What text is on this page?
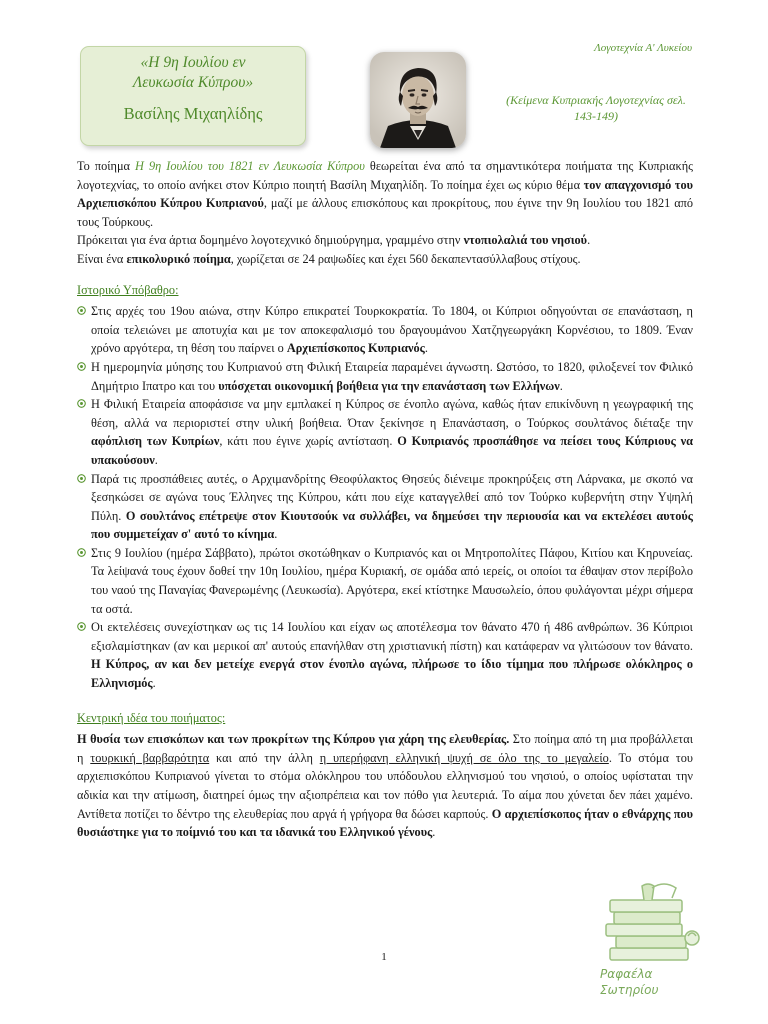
«Η 9η Ιουλίου εν
Λευκωσία Κύπρου»
Βασίλης Μιχαηλίδης
Λογοτεχνία Α' Λυκείου
(Κείμενα Κυπριακής Λογοτεχνίας σελ. 143-149)

Το ποίημα Η 9η Ιουλίου του 1821 εν Λευκωσία Κύπρου θεωρείται ένα από τα σημαντικότερα ποιήματα της Κυπριακής λογοτεχνίας, το οποίο ανήκει στον Κύπριο ποιητή Βασίλη Μιχαηλίδη. Το ποίημα έχει ως κύριο θέμα τον απαγχονισμό του Αρχιεπισκόπου Κύπρου Κυπριανού, μαζί με άλλους επισκόπους και προκρίτους, που έγινε την 9η Ιουλίου του 1821 από τους Τούρκους.

Πρόκειται για ένα άρτια δομημένο λογοτεχνικό δημιούργημα, γραμμένο στην ντοπιολαλιά του νησιού.

Είναι ένα επικολυρικό ποίημα, χωρίζεται σε 24 ραψωδίες και έχει 560 δεκαπεντασύλλαβους στίχους.

Ιστορικό Υπόβαθρο:
Στις αρχές του 19ου αιώνα, στην Κύπρο επικρατεί Τουρκοκρατία. Το 1804, οι Κύπριοι οδηγούνται σε επανάσταση, η οποία τελειώνει με αποτυχία και με τον αποκεφαλισμό του δραγουμάνου Χατζηγεωργάκη Κορνέσιου, το 1809. Έναν χρόνο αργότερα, τη θέση του παίρνει ο Αρχιεπίσκοπος Κυπριανός.
Η ημερομηνία μύησης του Κυπριανού στη Φιλική Εταιρεία παραμένει άγνωστη. Ωστόσο, το 1820, φιλοξενεί τον Φιλικό Δημήτριο Ιπατρο και του υπόσχεται οικονομική βοήθεια για την επανάσταση των Ελλήνων.
Η Φιλική Εταιρεία αποφάσισε να μην εμπλακεί η Κύπρος σε ένοπλο αγώνα, καθώς ήταν επικίνδυνη η γεωγραφική της θέση, αλλά να περιοριστεί στην υλική βοήθεια. Όταν ξεκίνησε η Επανάσταση, ο Τούρκος σουλτάνος διέταξε την αφόπλιση των Κυπρίων, κάτι που έγινε χωρίς αντίσταση. Ο Κυπριανός προσπάθησε να πείσει τους Κύπριους να υπακούσουν.
Παρά τις προσπάθειες αυτές, ο Αρχιμανδρίτης Θεοφύλακτος Θησεύς διένειμε προκηρύξεις στη Λάρνακα, με σκοπό να ξεσηκώσει σε αγώνα τους Έλληνες της Κύπρου, κάτι που είχε καταγγελθεί από τον Τούρκο κυβερνήτη στην Υψηλή Πύλη. Ο σουλτάνος επέτρεψε στον Κιουτσούκ να συλλάβει, να δημεύσει την περιουσία και να εκτελέσει αυτούς που συμμετείχαν σ' αυτό το κίνημα.
Στις 9 Ιουλίου (ημέρα Σάββατο), πρώτοι σκοτώθηκαν ο Κυπριανός και οι Μητροπολίτες Πάφου, Κιτίου και Κηρυνείας. Τα λείψανά τους έχουν δοθεί την 10η Ιουλίου, ημέρα Κυριακή, σε ομάδα από ιερείς, οι οποίοι τα έθαψαν στον περίβολο του ναού της Παναγίας Φανερωμένης (Λευκωσία). Αργότερα, εκεί κτίστηκε Μαυσωλείο, όπου φυλάγονται μέχρι σήμερα τα οστά.
Οι εκτελέσεις συνεχίστηκαν ως τις 14 Ιουλίου και είχαν ως αποτέλεσμα τον θάνατο 470 ή 486 ανθρώπων. 36 Κύπριοι εξισλαμίστηκαν (αν και μερικοί απ' αυτούς επανήλθαν στη χριστιανική πίστη) και κατάφεραν να γλιτώσουν τον θάνατο. Η Κύπρος, αν και δεν μετείχε ενεργά στον ένοπλο αγώνα, πλήρωσε το ίδιο τίμημα που πλήρωσε ολόκληρος ο Ελληνισμός.
Κεντρική ιδέα του ποιήματος:

Η θυσία των επισκόπων και των προκρίτων της Κύπρου για χάρη της ελευθερίας. Στο ποίημα από τη μια προβάλλεται η τουρκική βαρβαρότητα και από την άλλη η υπερήφανη ελληνική ψυχή σε όλο της το μεγαλείο. Το στόμα του αρχιεπισκόπου Κυπριανού γίνεται το στόμα ολόκληρου του υπόδουλου ελληνισμού του νησιού, ο οποίος υφίσταται την αδικία και την ατίμωση, διατηρεί όμως την αξιοπρέπεια και τον πόθο για λευτεριά. Το αίμα που χύνεται δεν πάει χαμένο. Αντίθετα ποτίζει το δέντρο της ελευθερίας που αργά ή γρήγορα θα δώσει καρπούς. Ο αρχιεπίσκοπος ήταν ο εθνάρχης που θυσιάστηκε για το ποίμνιό του και τα ιδανικά του Ελληνικού γένους.

1
Ραφαέλα
Σωτηρίου
